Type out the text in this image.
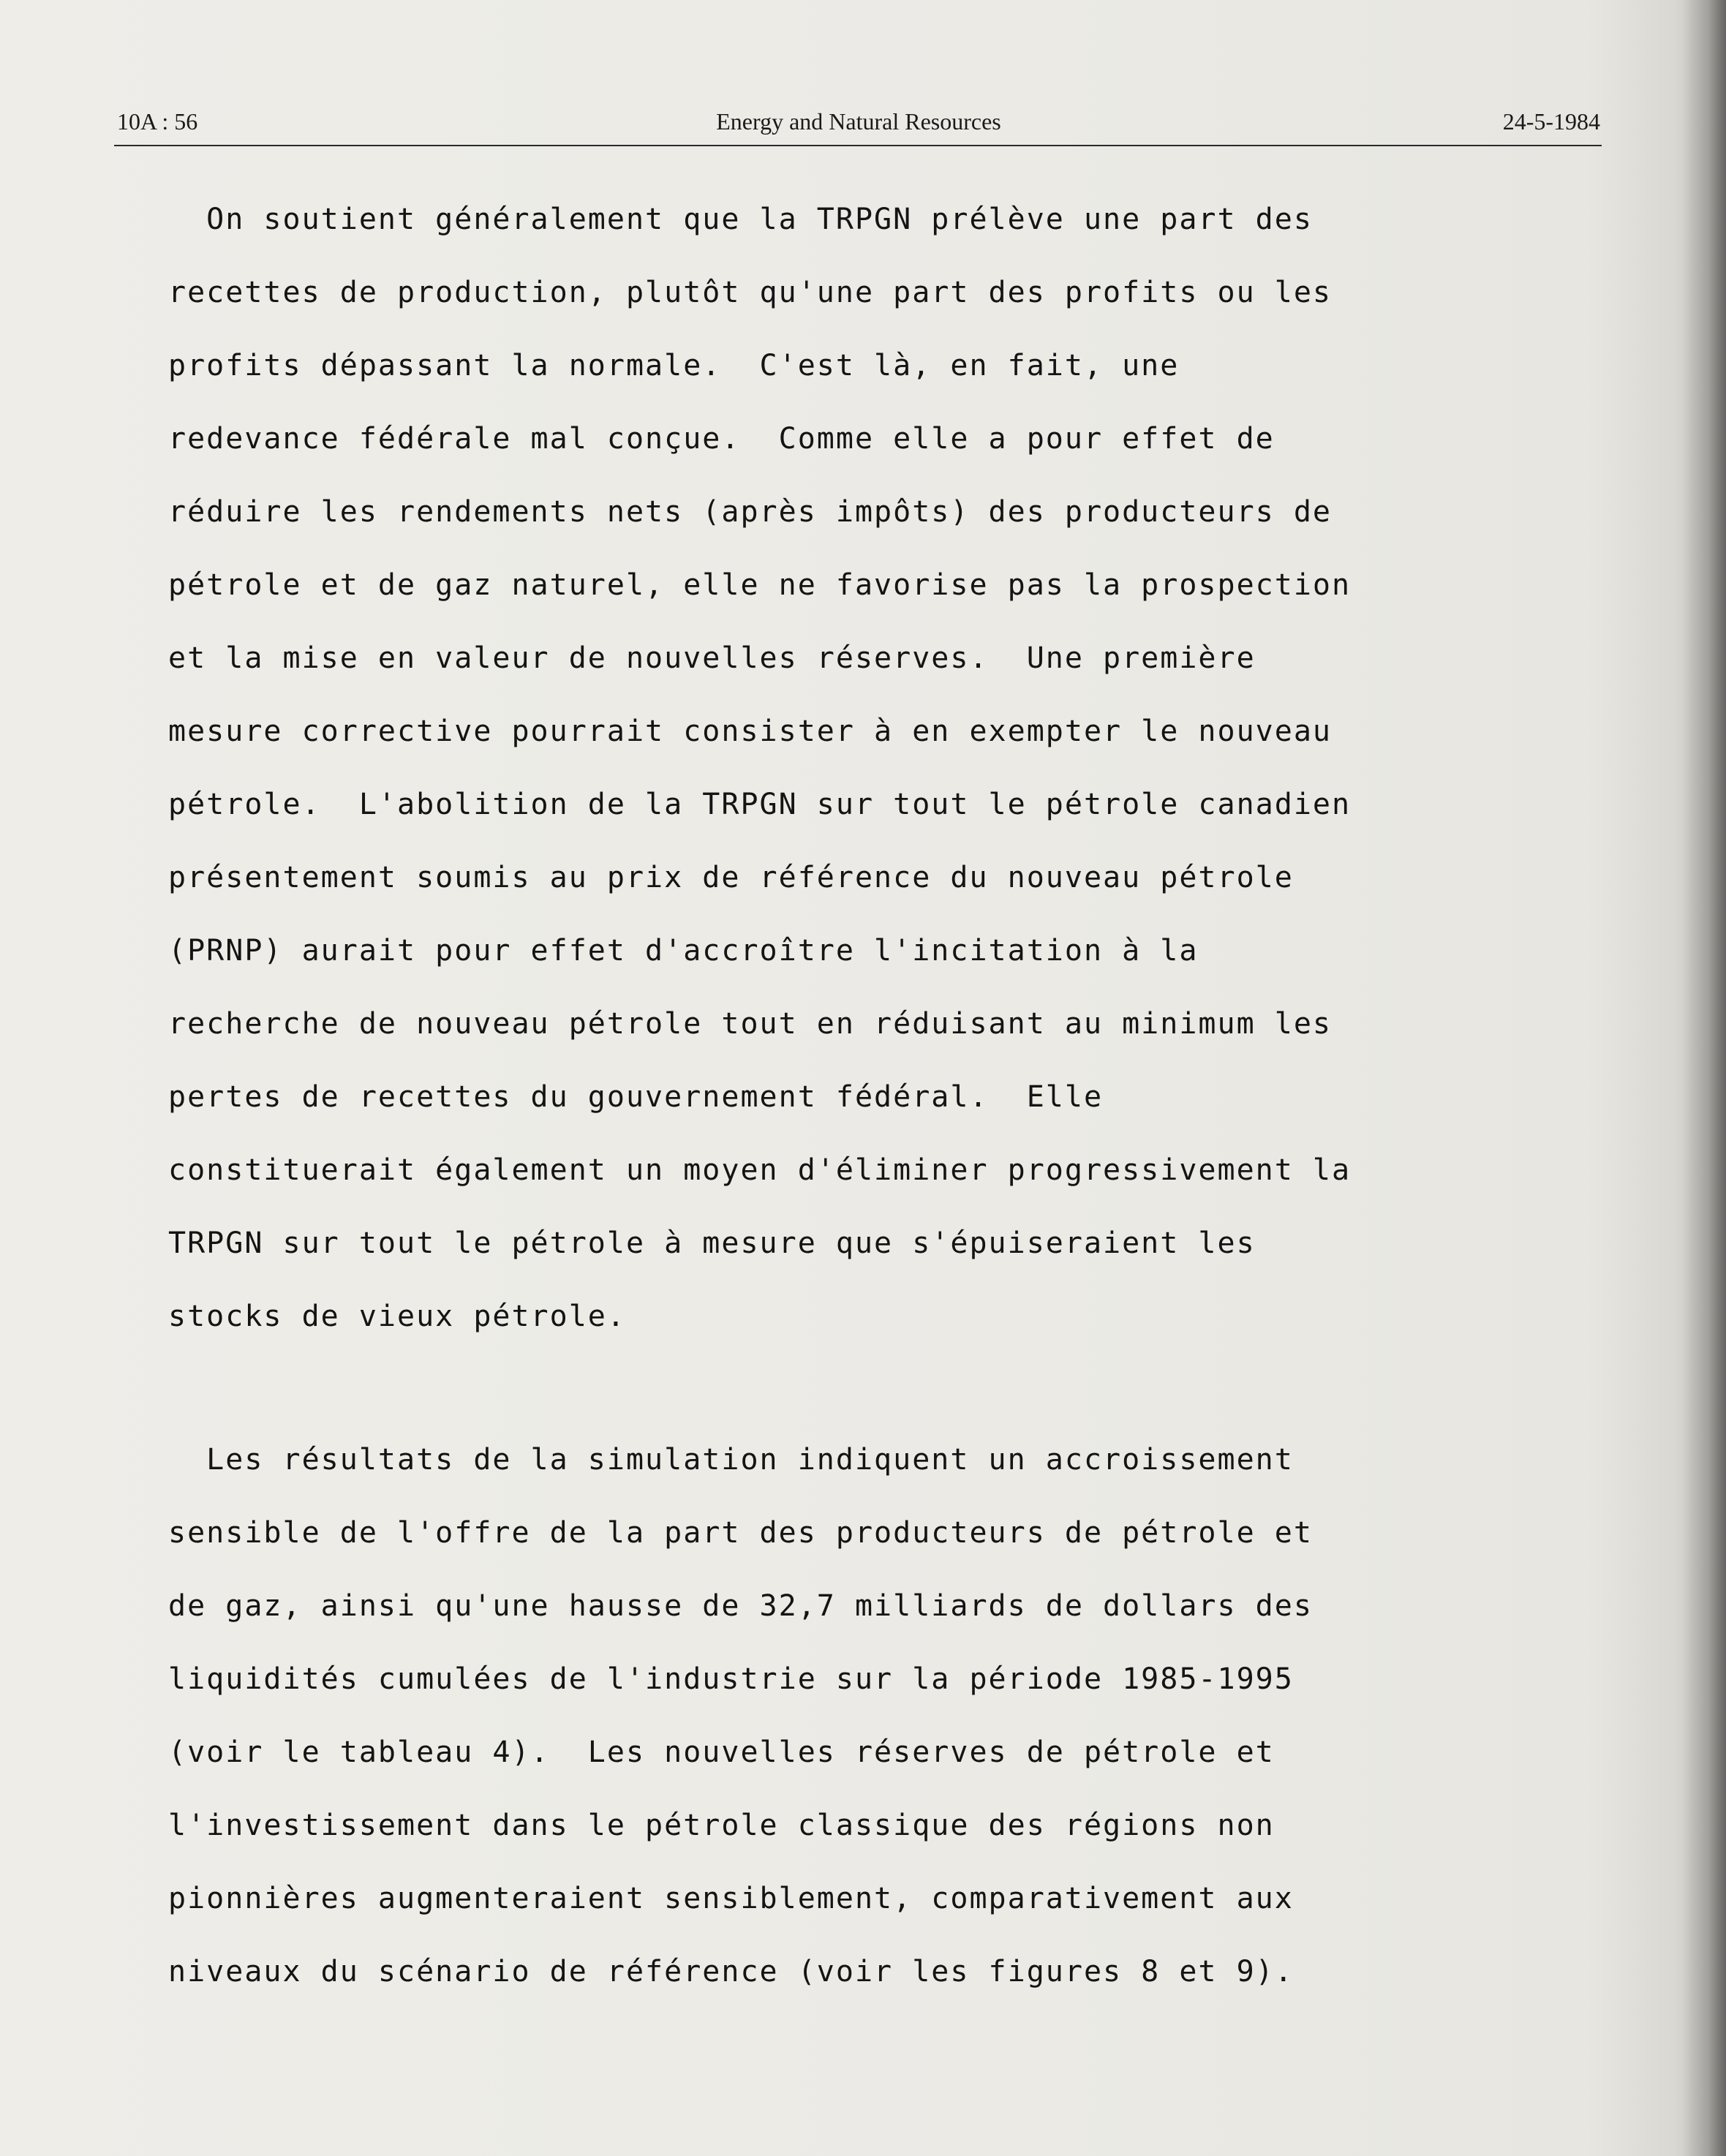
10A : 56	Energy and Natural Resources	24-5-1984
On soutient généralement que la TRPGN prélève une part des
recettes de production, plutôt qu'une part des profits ou les
profits dépassant la normale.  C'est là, en fait, une
redevance fédérale mal conçue.  Comme elle a pour effet de
réduire les rendements nets (après impôts) des producteurs de
pétrole et de gaz naturel, elle ne favorise pas la prospection
et la mise en valeur de nouvelles réserves.  Une première
mesure corrective pourrait consister à en exempter le nouveau
pétrole.  L'abolition de la TRPGN sur tout le pétrole canadien
présentement soumis au prix de référence du nouveau pétrole
(PRNP) aurait pour effet d'accroître l'incitation à la
recherche de nouveau pétrole tout en réduisant au minimum les
pertes de recettes du gouvernement fédéral.  Elle
constituerait également un moyen d'éliminer progressivement la
TRPGN sur tout le pétrole à mesure que s'épuiseraient les
stocks de vieux pétrole.
Les résultats de la simulation indiquent un accroissement
sensible de l'offre de la part des producteurs de pétrole et
de gaz, ainsi qu'une hausse de 32,7 milliards de dollars des
liquidités cumulées de l'industrie sur la période 1985-1995
(voir le tableau 4).  Les nouvelles réserves de pétrole et
l'investissement dans le pétrole classique des régions non
pionnières augmenteraient sensiblement, comparativement aux
niveaux du scénario de référence (voir les figures 8 et 9).
